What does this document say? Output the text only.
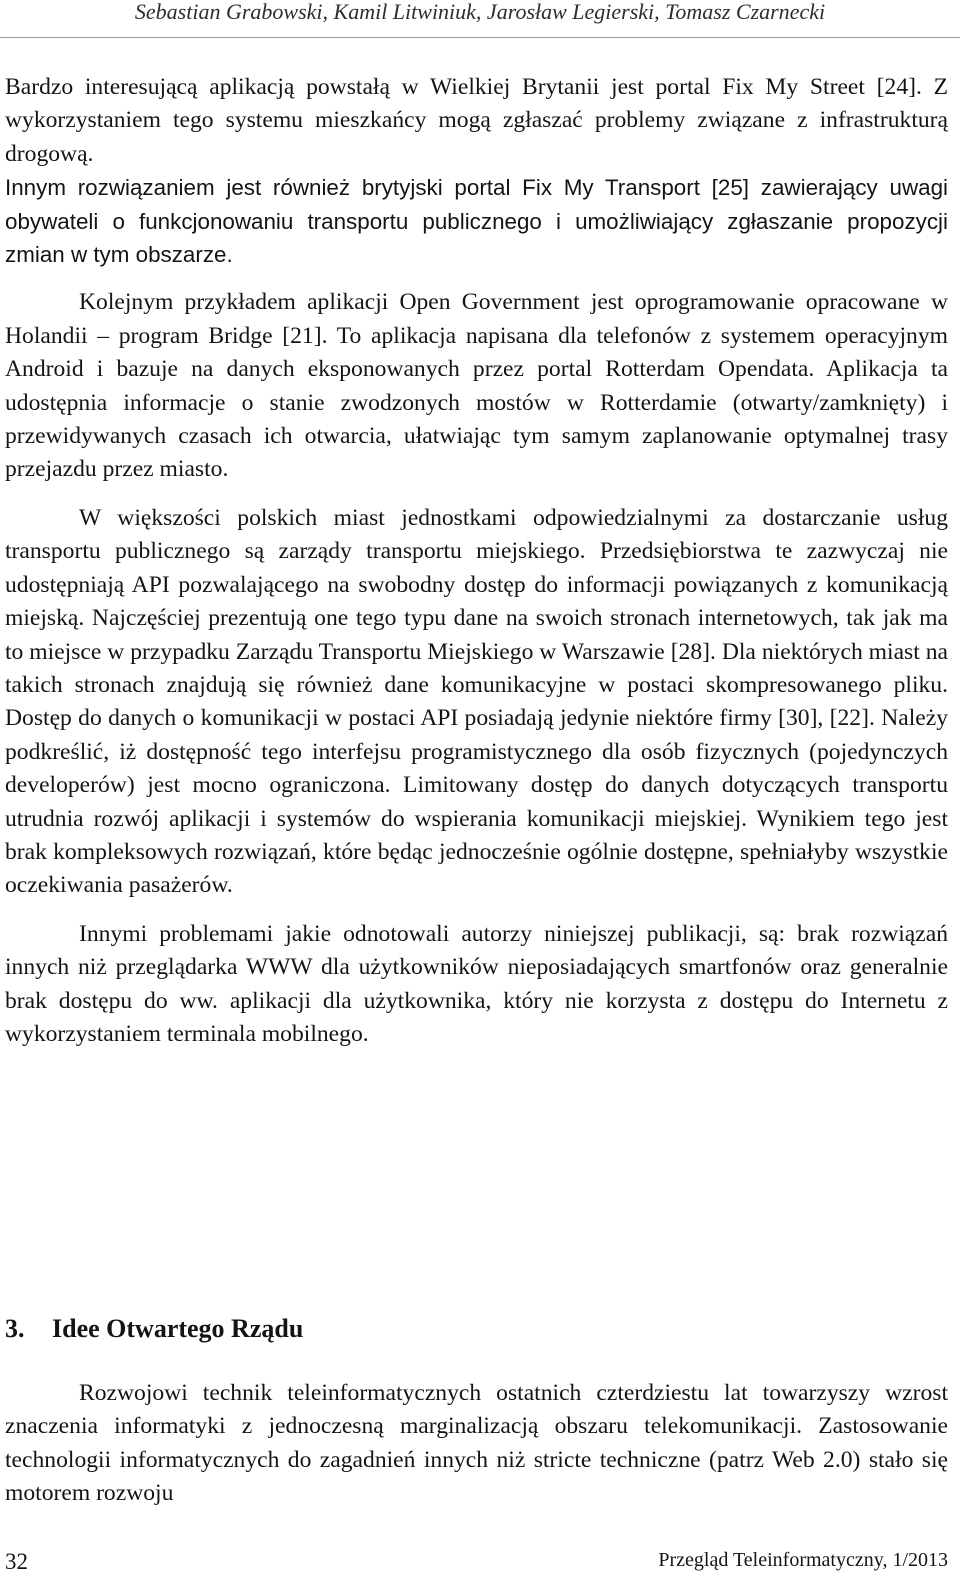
Sebastian Grabowski, Kamil Litwiniuk, Jarosław Legierski, Tomasz Czarnecki

Bardzo interesującą aplikacją powstałą w Wielkiej Brytanii jest portal Fix My Street [24]. Z wykorzystaniem tego systemu mieszkańcy mogą zgłaszać problemy związane z infrastrukturą drogową.

Innym rozwiązaniem jest również brytyjski portal Fix My Transport [25] zawierający uwagi obywateli o funkcjonowaniu transportu publicznego i umożliwiający zgłaszanie propozycji zmian w tym obszarze.

Kolejnym przykładem aplikacji Open Government jest oprogramowanie opracowane w Holandii – program Bridge [21]. To aplikacja napisana dla telefonów z systemem operacyjnym Android i bazuje na danych eksponowanych przez portal Rotterdam Opendata. Aplikacja ta udostępnia informacje o stanie zwodzonych mostów w Rotterdamie (otwarty/zamknięty) i przewidywanych czasach ich otwarcia, ułatwiając tym samym zaplanowanie optymalnej trasy przejazdu przez miasto.

W większości polskich miast jednostkami odpowiedzialnymi za dostarczanie usług transportu publicznego są zarządy transportu miejskiego. Przedsiębiorstwa te zazwyczaj nie udostępniają API pozwalającego na swobodny dostęp do informacji powiązanych z komunikacją miejską. Najczęściej prezentują one tego typu dane na swoich stronach internetowych, tak jak ma to miejsce w przypadku Zarządu Transportu Miejskiego w Warszawie [28]. Dla niektórych miast na takich stronach znajdują się również dane komunikacyjne w postaci skompresowanego pliku. Dostęp do danych o komunikacji w postaci API posiadają jedynie niektóre firmy [30], [22]. Należy podkreślić, iż dostępność tego interfejsu programistycznego dla osób fizycznych (pojedynczych developerów) jest mocno ograniczona. Limitowany dostęp do danych dotyczących transportu utrudnia rozwój aplikacji i systemów do wspierania komunikacji miejskiej. Wynikiem tego jest brak kompleksowych rozwiązań, które będąc jednocześnie ogólnie dostępne, spełniałyby wszystkie oczekiwania pasażerów.

Innymi problemami jakie odnotowali autorzy niniejszej publikacji, są: brak rozwiązań innych niż przeglądarka WWW dla użytkowników nieposiadających smartfonów oraz generalnie brak dostępu do ww. aplikacji dla użytkownika, który nie korzysta z dostępu do Internetu z wykorzystaniem terminala mobilnego.

3. Idee Otwartego Rządu

Rozwojowi technik teleinformatycznych ostatnich czterdziestu lat towarzyszy wzrost znaczenia informatyki z jednoczesną marginalizacją obszaru telekomunikacji. Zastosowanie technologii informatycznych do zagadnień innych niż stricte techniczne (patrz Web 2.0) stało się motorem rozwoju

32	Przegląd Teleinformatyczny, 1/2013
